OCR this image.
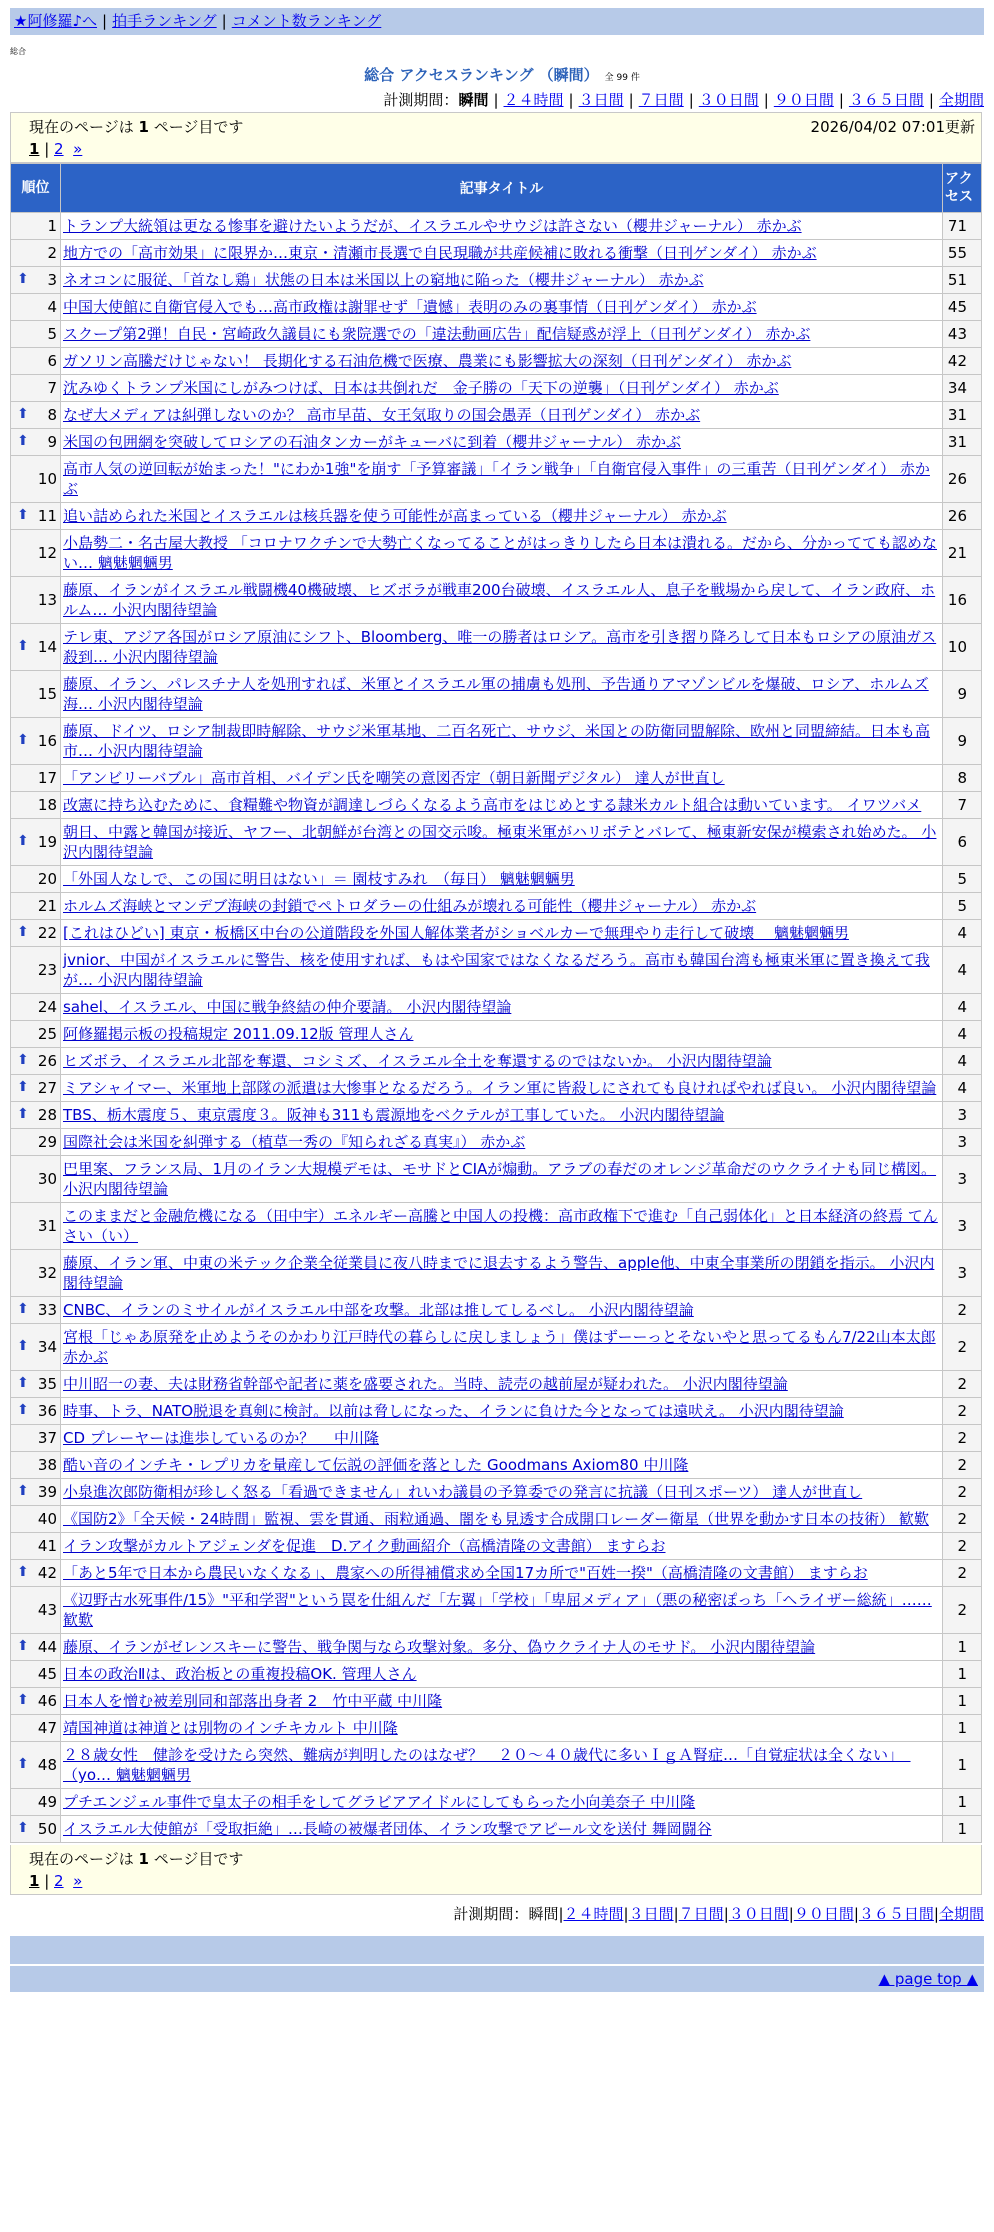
★阿修羅♪へ | 拍手ランキング | コメント数ランキング
総合
総合 アクセスランキング （瞬間） 全 99 件
計測期間：瞬間 | ２４時間 | ３日間 | ７日間 | ３０日間 | ９０日間 | ３６５日間 | 全期間
現在のページは 1 ページ目です	2026/04/02 07:01更新
1 | 2 »
順位	記事タイトル	アクセス
1	トランプ大統領は更なる惨事を避けたいようだが、イスラエルやサウジは許さない（櫻井ジャーナル） 赤かぶ	71
2	地方での「高市効果」に限界か…東京・清瀬市長選で自民現職が共産候補に敗れる衝撃（日刊ゲンダイ） 赤かぶ	55

⬆ 3	ネオコンに服従、「首なし鶏」状態の日本は米国以上の窮地に陥った（櫻井ジャーナル） 赤かぶ	51
4	中国大使館に自衛官侵入でも…高市政権は謝罪せず「遺憾」表明のみの裏事情（日刊ゲンダイ） 赤かぶ	45
5	スクープ第2弾！自民・宮崎政久議員にも衆院選での「違法動画広告」配信疑惑が浮上（日刊ゲンダイ） 赤かぶ	43
6	ガソリン高騰だけじゃない！ 長期化する石油危機で医療、農業にも影響拡大の深刻（日刊ゲンダイ） 赤かぶ	42
7	沈みゆくトランプ米国にしがみつけば、日本は共倒れだ　金子勝の「天下の逆襲」（日刊ゲンダイ） 赤かぶ	34

⬆ 8	なぜ大メディアは糾弾しないのか？ 高市早苗、女王気取りの国会愚弄（日刊ゲンダイ） 赤かぶ	31

⬆ 9	米国の包囲網を突破してロシアの石油タンカーがキューバに到着（櫻井ジャーナル） 赤かぶ	31
10	高市人気の逆回転が始まった！"にわか1強"を崩す「予算審議」「イラン戦争」「自衛官侵入事件」の三重苦（日刊ゲンダイ） 赤かぶ	26

⬆ 11	追い詰められた米国とイスラエルは核兵器を使う可能性が高まっている（櫻井ジャーナル） 赤かぶ	26
12	小島勢二・名古屋大教授 「コロナワクチンで大勢亡くなってることがはっきりしたら日本は潰れる。だから、分かってても認めない… 魑魅魍魎男	21
13	藤原、イランがイスラエル戦闘機40機破壊、ヒズボラが戦車200台破壊、イスラエル人、息子を戦場から戻して、イラン政府、ホルム… 小沢内閣待望論	16

⬆ 14	テレ東、アジア各国がロシア原油にシフト、Bloomberg、唯一の勝者はロシア。高市を引き摺り降ろして日本もロシアの原油ガス殺到… 小沢内閣待望論	10
15	藤原、イラン、パレスチナ人を処刑すれば、米軍とイスラエル軍の捕虜も処刑、予告通りアマゾンビルを爆破、ロシア、ホルムズ海… 小沢内閣待望論	9

⬆ 16	藤原、ドイツ、ロシア制裁即時解除、サウジ米軍基地、二百名死亡、サウジ、米国との防衛同盟解除、欧州と同盟締結。日本も高市… 小沢内閣待望論	9
17	「アンビリーバブル」高市首相、バイデン氏を嘲笑の意図否定（朝日新聞デジタル） 達人が世直し	8
18	改憲に持ち込むために、食糧難や物資が調達しづらくなるよう高市をはじめとする隷米カルト組合は動いています。 イワツバメ	7

⬆ 19	朝日、中露と韓国が接近、ヤフー、北朝鮮が台湾との国交示唆。極東米軍がハリボテとバレて、極東新安保が模索され始めた。 小沢内閣待望論	6
20	「外国人なしで、この国に明日はない」＝ 園枝すみれ　（毎日） 魑魅魍魎男	5
21	ホルムズ海峡とマンデブ海峡の封鎖でペトロダラーの仕組みが壊れる可能性（櫻井ジャーナル） 赤かぶ	5

⬆ 22	[これはひどい] 東京・板橋区中台の公道階段を外国人解体業者がショベルカーで無理やり走行して破壊　 魑魅魍魎男	4
23	jvnior、中国がイスラエルに警告、核を使用すれば、もはや国家ではなくなるだろう。高市も韓国台湾も極東米軍に置き換えて我が… 小沢内閣待望論	4
24	sahel、イスラエル、中国に戦争終結の仲介要請。 小沢内閣待望論	4
25	阿修羅掲示板の投稿規定 2011.09.12版 管理人さん	4

⬆ 26	ヒズボラ、イスラエル北部を奪還、コシミズ、イスラエル全土を奪還するのではないか。 小沢内閣待望論	4

⬆ 27	ミアシャイマー、米軍地上部隊の派遣は大惨事となるだろう。イラン軍に皆殺しにされても良ければやれば良い。 小沢内閣待望論	4

⬆ 28	TBS、栃木震度５、東京震度３。阪神も311も震源地をベクテルが工事していた。 小沢内閣待望論	3
29	国際社会は米国を糾弾する（植草一秀の『知られざる真実』） 赤かぶ	3
30	巴里案、フランス局、1月のイラン大規模デモは、モサドとCIAが煽動。アラブの春だのオレンジ革命だのウクライナも同じ構図。 小沢内閣待望論	3
31	このままだと金融危機になる（田中宇）エネルギー高騰と中国人の投機：高市政権下で進む「自己弱体化」と日本経済の終焉 てんさい（い）	3
32	藤原、イラン軍、中東の米テック企業全従業員に夜八時までに退去するよう警告、apple他、中東全事業所の閉鎖を指示。 小沢内閣待望論	3

⬆ 33	CNBC、イランのミサイルがイスラエル中部を攻撃。北部は推してしるべし。 小沢内閣待望論	2

⬆ 34	宮根「じゃあ原発を止めようそのかわり江戸時代の暮らしに戻しましょう」僕はずーーっとそないやと思ってるもん7/22山本太郎 赤かぶ	2

⬆ 35	中川昭一の妻、夫は財務省幹部や記者に薬を盛要された。当時、読売の越前屋が疑われた。 小沢内閣待望論	2

⬆ 36	時事、トラ、NATO脱退を真剣に検討。以前は脅しになった、イランに負けた今となっては遠吠え。 小沢内閣待望論	2
37	CD プレーヤーは進歩しているのか？　 中川隆	2
38	酷い音のインチキ・レプリカを量産して伝説の評価を落とした Goodmans Axiom80 中川隆	2

⬆ 39	小泉進次郎防衛相が珍しく怒る「看過できません」れいわ議員の予算委での発言に抗議（日刊スポーツ） 達人が世直し	2
40	《国防2》「全天候・24時間」監視、雲を貫通、雨粒通過、闇をも見透す合成開口レーダー衛星（世界を動かす日本の技術） 歓歎	2
41	イラン攻撃がカルトアジェンダを促進　D.アイク動画紹介（高橋清隆の文書館） ますらお	2

⬆ 42	「あと5年で日本から農民いなくなる」、農家への所得補償求め全国17カ所で"百姓一揆"（高橋清隆の文書館） ますらお	2
43	《辺野古水死事件/15》"平和学習"という罠を仕組んだ「左翼」「学校」「卑屈メディア」（悪の秘密ぽっち「ヘライザー総統」…… 歓歎	2

⬆ 44	藤原、イランがゼレンスキーに警告、戦争関与なら攻撃対象。多分、偽ウクライナ人のモサド。 小沢内閣待望論	1
45	日本の政治Ⅱは、政治板との重複投稿OK. 管理人さん	1

⬆ 46	日本人を憎む被差別同和部落出身者 2　竹中平蔵 中川隆	1
47	靖国神道は神道とは別物のインチキカルト 中川隆	1

⬆ 48	２８歳女性　健診を受けたら突然、難病が判明したのはなぜ？　２０～４０歳代に多いＩｇＡ腎症…「自覚症状は全くない」　（yo… 魑魅魍魎男	1
49	プチエンジェル事件で皇太子の相手をしてグラビアアイドルにしてもらった小向美奈子 中川隆	1

⬆ 50	イスラエル大使館が「受取拒絶」…長崎の被爆者団体、イラン攻撃でアピール文を送付 舞岡闘谷	1
現在のページは 1 ページ目です
1 | 2 »
計測期間：瞬間|２４時間|３日間|７日間|３０日間|９０日間|３６５日間|全期間
▲ page top ▲
